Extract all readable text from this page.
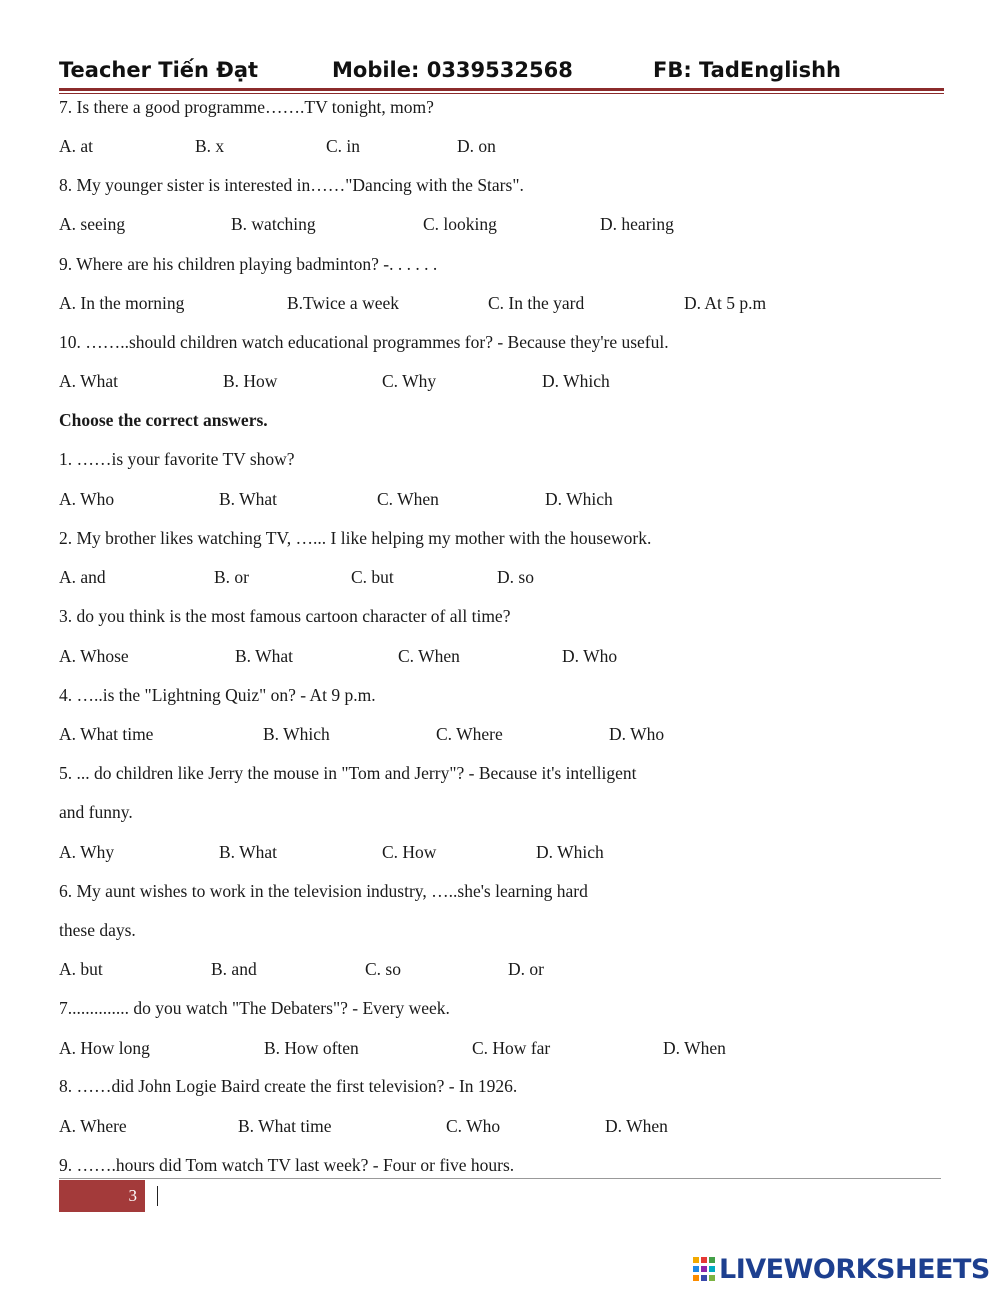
Teacher Tiến Đạt	Mobile: 0339532568	FB: TadEnglishh
7. Is there a good programme…….TV tonight, mom?
A. at	B. x	C. in	D. on
8. My younger sister is interested in……"Dancing with the Stars".
A. seeing	B. watching	C. looking	D. hearing
9. Where are his children playing badminton? -. . . . . .
A. In the morning	B.Twice a week	C. In the yard	D. At 5 p.m
10. ……..should children watch educational programmes for? - Because they're useful.
A. What	B. How	C. Why	D. Which
Choose the correct answers.
1. ……is your favorite TV show?
A. Who	B. What	C. When	D. Which
2. My brother likes watching TV, …... I like helping my mother with the housework.
A. and	B. or	C. but	D. so
3. do you think is the most famous cartoon character of all time?
A. Whose	B. What	C. When	D. Who
4. …..is the "Lightning Quiz" on? - At 9 p.m.
A. What time	B. Which	C. Where	D. Who
5. ... do children like Jerry the mouse in "Tom and Jerry"? - Because it's intelligent
and funny.
A. Why	B. What	C. How	D. Which
6. My aunt wishes to work in the television industry, …..she's learning hard
these days.
A. but	B. and	C. so	D. or
7.............. do you watch "The Debaters"? - Every week.
A. How long	B. How often	C. How far	D. When
8. ……did John Logie Baird create the first television? - In 1926.
A. Where	B. What time	C. Who	D. When
9. …….hours did Tom watch TV last week? - Four or five hours.
3
LIVEWORKSHEETS
